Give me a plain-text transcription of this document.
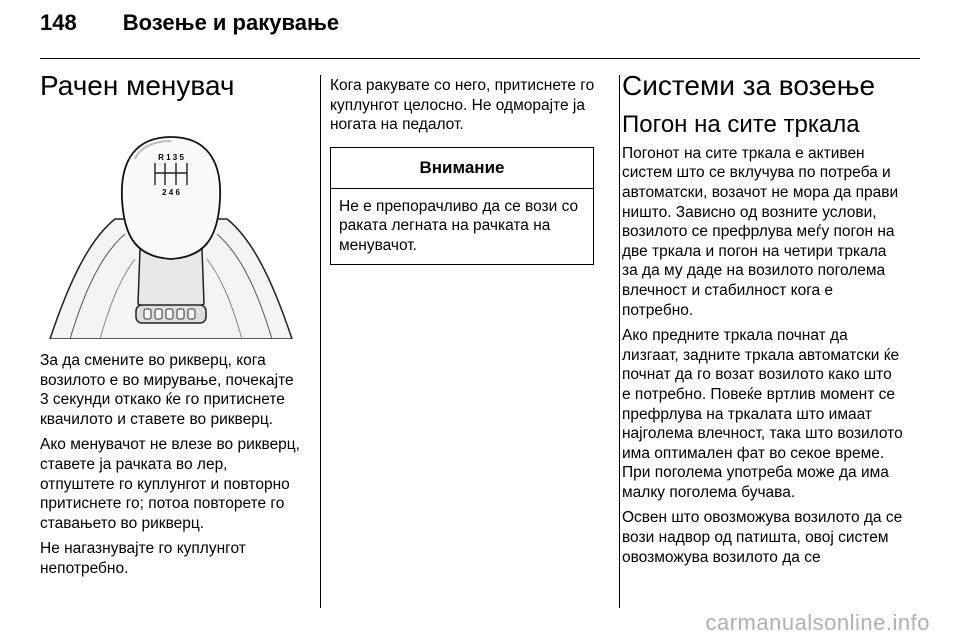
148 Возење и ракување
Рачен менувач
R 1 3 5
2 4 6

За да смените во рикверц, кога возилото е во мирување, почекајте 3 секунди откако ќе го притиснете квачилото и ставете во рикверц.

Ако менувачот не влезе во рикверц, ставете ја рачката во лер, отпуштете го куплунгот и повторно притиснете го; потоа повторете го ставањето во рикверц.

Не нагазнувајте го куплунгот непотребно.

Кога ракувате со него, притиснете го куплунгот целосно. Не одморајте ја ногата на педалот.

Внимание
Не е препорачливо да се вози со раката легната на рачката на менувачот.
Системи за возење
Погон на сите тркала

Погонот на сите тркала е активен систем што се вклучува по потреба и автоматски, возачот не мора да прави ништо. Зависно од возните услови, возилото се префрлува меѓу погон на две тркала и погон на четири тркала за да му даде на возилото поголема влечност и стабилност кога е потребно.

Ако предните тркала почнат да лизгаат, задните тркала автоматски ќе почнат да го возат возилото како што е потребно. Повеќе вртлив момент се префрлува на тркалата што имаат најголема влечност, така што возилото има оптимален фат во секое време. При поголема употреба може да има малку поголема бучава.

Освен што овозможува возилото да се вози надвор од патишта, овој систем овозможува возилото да се

carmanualsonline.info
